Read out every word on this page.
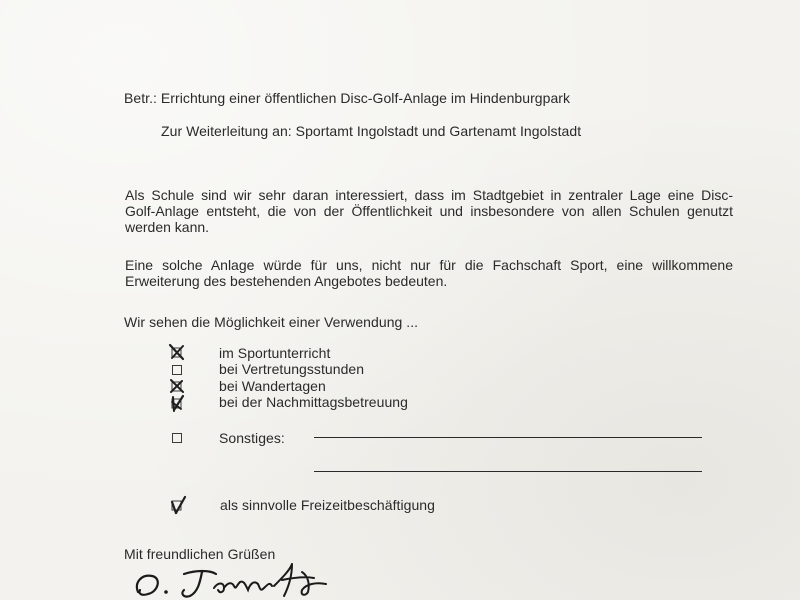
Betr.: Errichtung einer öffentlichen Disc-Golf-Anlage im Hindenburgpark
Zur Weiterleitung an: Sportamt Ingolstadt und Gartenamt Ingolstadt
Als Schule sind wir sehr daran interessiert, dass im Stadtgebiet in zentraler Lage eine Disc-
Golf-Anlage entsteht, die von der Öffentlichkeit und insbesondere von allen Schulen genutzt
werden kann.
Eine solche Anlage würde für uns, nicht nur für die Fachschaft Sport, eine willkommene
Erweiterung des bestehenden Angebotes bedeuten.
Wir sehen die Möglichkeit einer Verwendung ...
im Sportunterricht
bei Vertretungsstunden
bei Wandertagen
bei der Nachmittagsbetreuung
Sonstiges:
als sinnvolle Freizeitbeschäftigung
Mit freundlichen Grüßen
